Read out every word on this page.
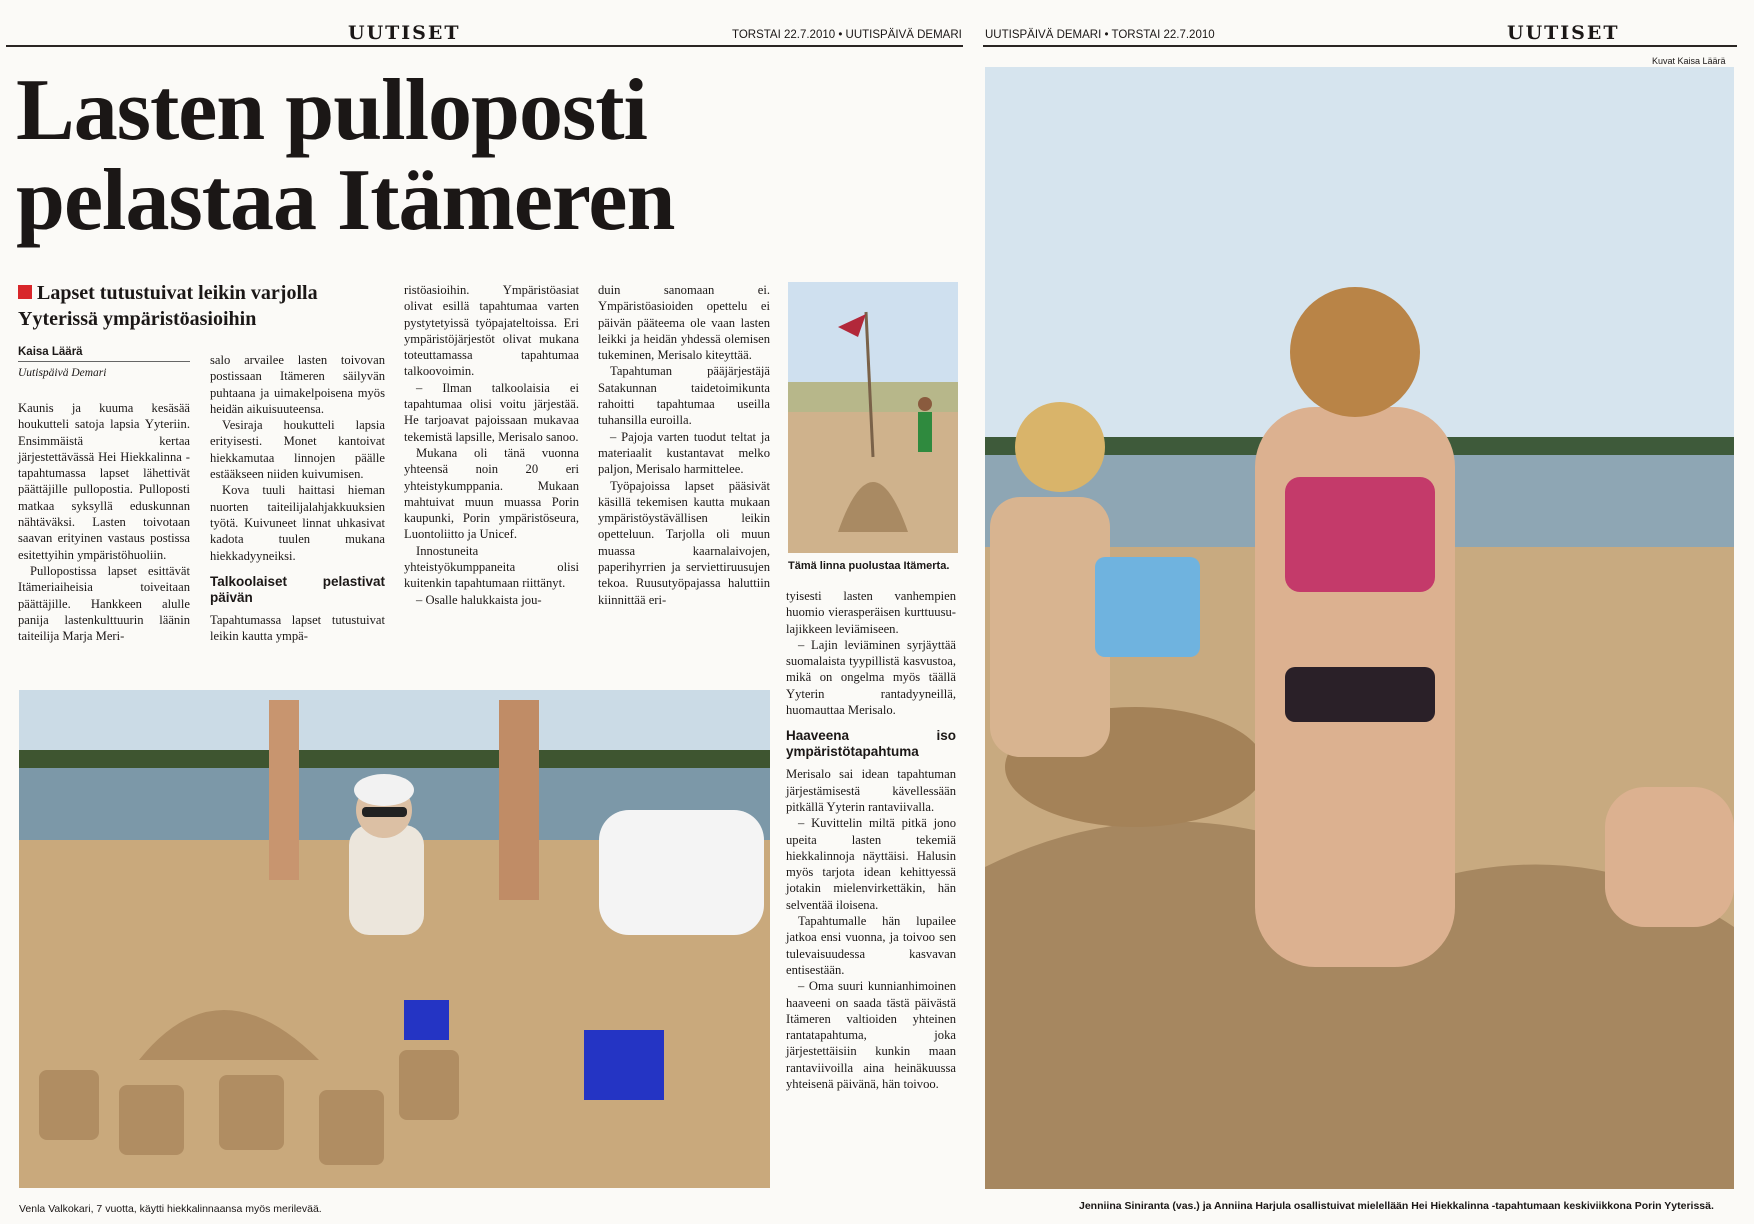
UUTISET	TORSTAI 22.7.2010 • UUTISPÄIVÄ DEMARI UUTISPÄIVÄ DEMARI • TORSTAI 22.7.2010	UUTISET
Kuvat Kaisa Läärä
Lasten pulloposti
pelastaa Itämeren
Lapset tutustuivat leikin varjolla
Yyterissä ympäristöasioihin
Kaisa Läärä
Uutispäivä Demari

Kaunis ja kuuma kesäsää houkutteli satoja lapsia Yyteriin. Ensimmäistä kertaa järjestettävässä Hei Hiekkalinna -tapahtumassa lapset lähettivät päättäjille pullopostia. Pulloposti matkaa syksyllä eduskunnan nähtäväksi. Lasten toivotaan saavan erityinen vastaus postissa esitettyihin ympäristöhuoliin.

Pullopostissa lapset esittävät Itämeriaiheisia toiveitaan päättäjille. Hankkeen alulle panija lastenkulttuurin läänin taiteilija Marja Meri-

salo arvailee lasten toivovan postissaan Itämeren säilyvän puhtaana ja uimakelpoisena myös heidän aikuisuuteensa.

Vesiraja houkutteli lapsia erityisesti. Monet kantoivat hiekkamutaa linnojen päälle estääkseen niiden kuivumisen.

Kova tuuli haittasi hieman nuorten taiteilijalahjakkuuksien työtä. Kuivuneet linnat uhkasivat kadota tuulen mukana hiekkadyyneiksi.

Talkoolaiset pelastivat päivän

Tapahtumassa lapset tutustuivat leikin kautta ympä-

ristöasioihin. Ympäristöasiat olivat esillä tapahtumaa varten pystytetyissä työpajateltoissa. Eri ympäristöjärjestöt olivat mukana toteuttamassa tapahtumaa talkoovoimin.

– Ilman talkoolaisia ei tapahtumaa olisi voitu järjestää. He tarjoavat pajoissaan mukavaa tekemistä lapsille, Merisalo sanoo.

Mukana oli tänä vuonna yhteensä noin 20 eri yhteistykumppania. Mukaan mahtuivat muun muassa Porin kaupunki, Porin ympäristöseura, Luontoliitto ja Unicef.

Innostuneita yhteistyökumppaneita olisi kuitenkin tapahtumaan riittänyt.

– Osalle halukkaista jou-

duin sanomaan ei. Ympäristöasioiden opettelu ei päivän pääteema ole vaan lasten leikki ja heidän yhdessä olemisen tukeminen, Merisalo kiteyttää.

Tapahtuman pääjärjestäjä Satakunnan taidetoimikunta rahoitti tapahtumaa useilla tuhansilla euroilla.

– Pajoja varten tuodut teltat ja materiaalit kustantavat melko paljon, Merisalo harmittelee.

Työpajoissa lapset pääsivät käsillä tekemisen kautta mukaan ympäristöystävällisen leikin opetteluun. Tarjolla oli muun muassa kaarnalaivojen, paperihyrrien ja serviettiruusujen tekoa. Ruusutyöpajassa haluttiin kiinnittää eri-

Tämä linna puolustaa Itämerta.
Venla Valkokari, 7 vuotta, käytti hiekkalinnaansa myös merilevää.

tyisesti lasten vanhempien huomio vierasperäisen kurttuusu-lajikkeen leviämiseen.

– Lajin leviäminen syrjäyttää suomalaista tyypillistä kasvustoa, mikä on ongelma myös täällä Yyterin rantadyyneillä, huomauttaa Merisalo.

Haaveena iso ympäristötapahtuma

Merisalo sai idean tapahtuman järjestämisestä kävellessään pitkällä Yyterin rantaviivalla.

– Kuvittelin miltä pitkä jono upeita lasten tekemiä hiekkalinnoja näyttäisi. Halusin myös tarjota idean kehittyessä jotakin mielenvirkettäkin, hän selventää iloisena.

Tapahtumalle hän lupailee jatkoa ensi vuonna, ja toivoo sen tulevaisuudessa kasvavan entisestään.

– Oma suuri kunnianhimoinen haaveeni on saada tästä päivästä Itämeren valtioiden yhteinen rantatapahtuma, joka järjestettäisiin kunkin maan rantaviivoilla aina heinäkuussa yhteisenä päivänä, hän toivoo.

Jenniina Siniranta (vas.) ja Anniina Harjula osallistuivat mielellään Hei Hiekkalinna -tapahtumaan keskiviikkona Porin Yyterissä.
